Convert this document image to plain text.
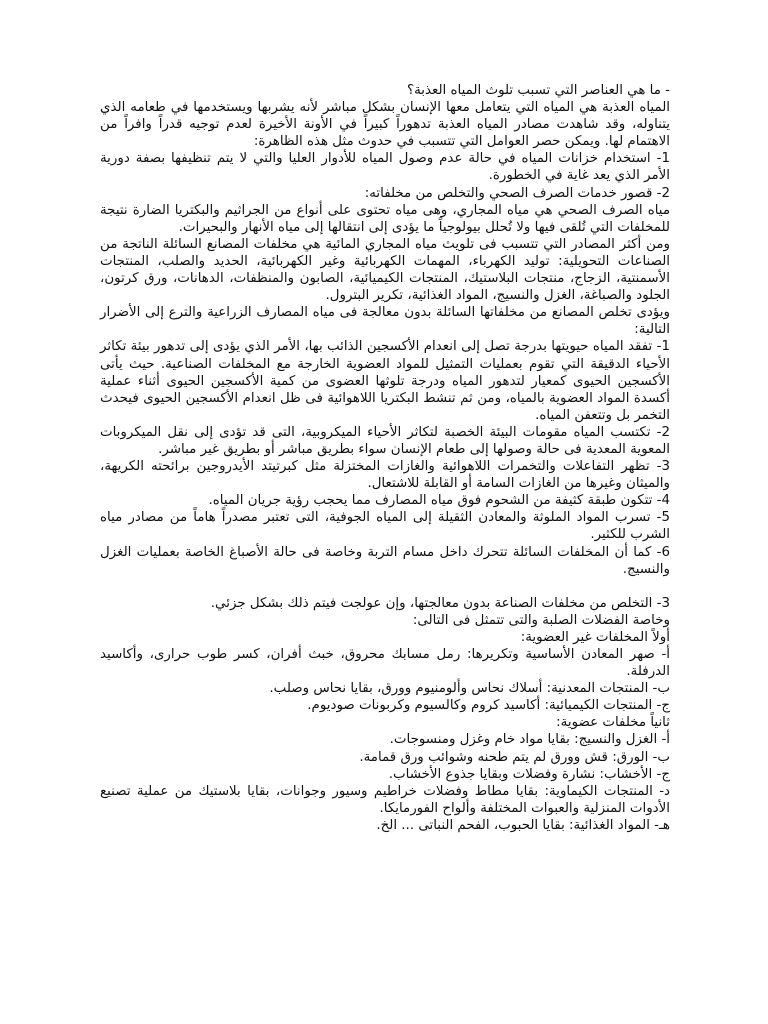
- ما هي العناصر التي تسبب تلوث المياه العذبة؟

المياه العذبة هي المياه التي يتعامل معها الإنسان بشكل مباشر لأنه يشربها ويستخدمها في طعامه الذي يتناوله، وقد شاهدت مصادر المياه العذبة تدهوراً كبيراً في الأونة الأخيرة لعدم توجيه قدراً وافراً من الاهتمام لها. ويمكن حصر العوامل التي تتسبب في حدوث مثل هذه الظاهرة:

1- استخدام خزانات المياه في حالة عدم وصول المياه للأدوار العليا والتي لا يتم تنظيفها بصفة دورية الأمر الذي يعد غاية في الخطورة.

2- قصور خدمات الصرف الصحي والتخلص من مخلفاته:

مياه الصرف الصحي هي مياه المجاري، وهى مياه تحتوى على أنواع من الجراثيم والبكتريا الضارة نتيجة للمخلفات التي تُلقى فيها ولا تُحلل بيولوجياً ما يؤدى إلى انتقالها إلى مياه الأنهار والبحيرات.

ومن أكثر المصادر التي تتسبب فى تلويث مياه المجاري المائية هي مخلفات المصانع السائلة الناتجة من الصناعات التحويلية: توليد الكهرباء، المهمات الكهربائية وغير الكهربائية، الحديد والصلب، المنتجات الأسمنتية، الزجاج، منتجات البلاستيك، المنتجات الكيميائية، الصابون والمنظفات، الدهانات، ورق كرتون، الجلود والصباغة، الغزل والنسيج، المواد الغذائية، تكرير البترول.

ويؤدى تخلص المصانع من مخلفاتها السائلة بدون معالجة فى مياه المصارف الزراعية والترع إلى الأضرار التالية:

1- تفقد المياه حيويتها بدرجة تصل إلى انعدام الأكسجين الذائب بها، الأمر الذي يؤدى إلى تدهور بيئة تكاثر الأحياء الدقيقة التي تقوم بعمليات التمثيل للمواد العضوية الخارجة مع المخلفات الصناعية. حيث يأتى الأكسجين الحيوى كمعيار لتدهور المياه ودرجة تلوثها العضوى من كمية الأكسجين الحيوى أثناء عملية أكسدة المواد العضوية بالمياه، ومن ثم تنشط البكتريا اللاهوائية فى ظل انعدام الأكسجين الحيوى فيحدث التخمر بل وتتعفن المياه.

2- تكتسب المياه مقومات البيئة الخصبة لتكاثر الأحياء الميكروبية، التى قد تؤدى إلى نقل الميكروبات المعوية المعدية فى حالة وصولها إلى طعام الإنسان سواء بطريق مباشر أو بطريق غير مباشر.

3- تظهر التفاعلات والتخمرات اللاهوائية والغازات المختزلة مثل كبرتيتد الأيدروجين برائحته الكريهة، والميثان وغيرها من الغازات السامة أو القابلة للاشتعال.

4- تتكون طبقة كثيفة من الشحوم فوق مياه المصارف مما يحجب رؤية جريان المياه.

5- تسرب المواد الملوثة والمعادن الثقيلة إلى المياه الجوفية، التى تعتبر مصدراً هاماً من مصادر مياه الشرب للكثير.

6- كما أن المخلفات السائلة تتحرك داخل مسام التربة وخاصة فى حالة الأصباغ الخاصة بعمليات الغزل والنسيج.

3- التخلص من مخلفات الصناعة بدون معالجتها، وإن عولجت فيتم ذلك بشكل جزئي.

وخاصة الفضلات الصلبة والتى تتمثل فى التالى:

أولاً المخلفات غير العضوية:

أ- صهر المعادن الأساسية وتكريرها: رمل مسابك محروق، خبث أفران، كسر طوب حرارى، وأكاسيد الدرفلة.

ب- المنتجات المعدنية: أسلاك نحاس وألومنيوم وورق، بقايا نحاس وصلب.

ج- المنتجات الكيميائية: أكاسيد كروم وكالسيوم وكربونات صوديوم.

ثانياً مخلفات عضوية:

أ- الغزل والنسيج: بقايا مواد خام وغزل ومنسوجات.

ب- الورق: قش وورق لم يتم طحنه وشوائب ورق قمامة.

ج- الأخشاب: نشارة وفضلات وبقايا جذوع الأخشاب.

د- المنتجات الكيماوية: بقايا مطاط وفضلات خراطيم وسيور وجوانات، بقايا بلاستيك من عملية تصنيع الأدوات المنزلية والعبوات المختلفة وألواح الفورمايكا.

هـ- المواد الغذائية: بقايا الحبوب، الفحم النباتى ... الخ.
